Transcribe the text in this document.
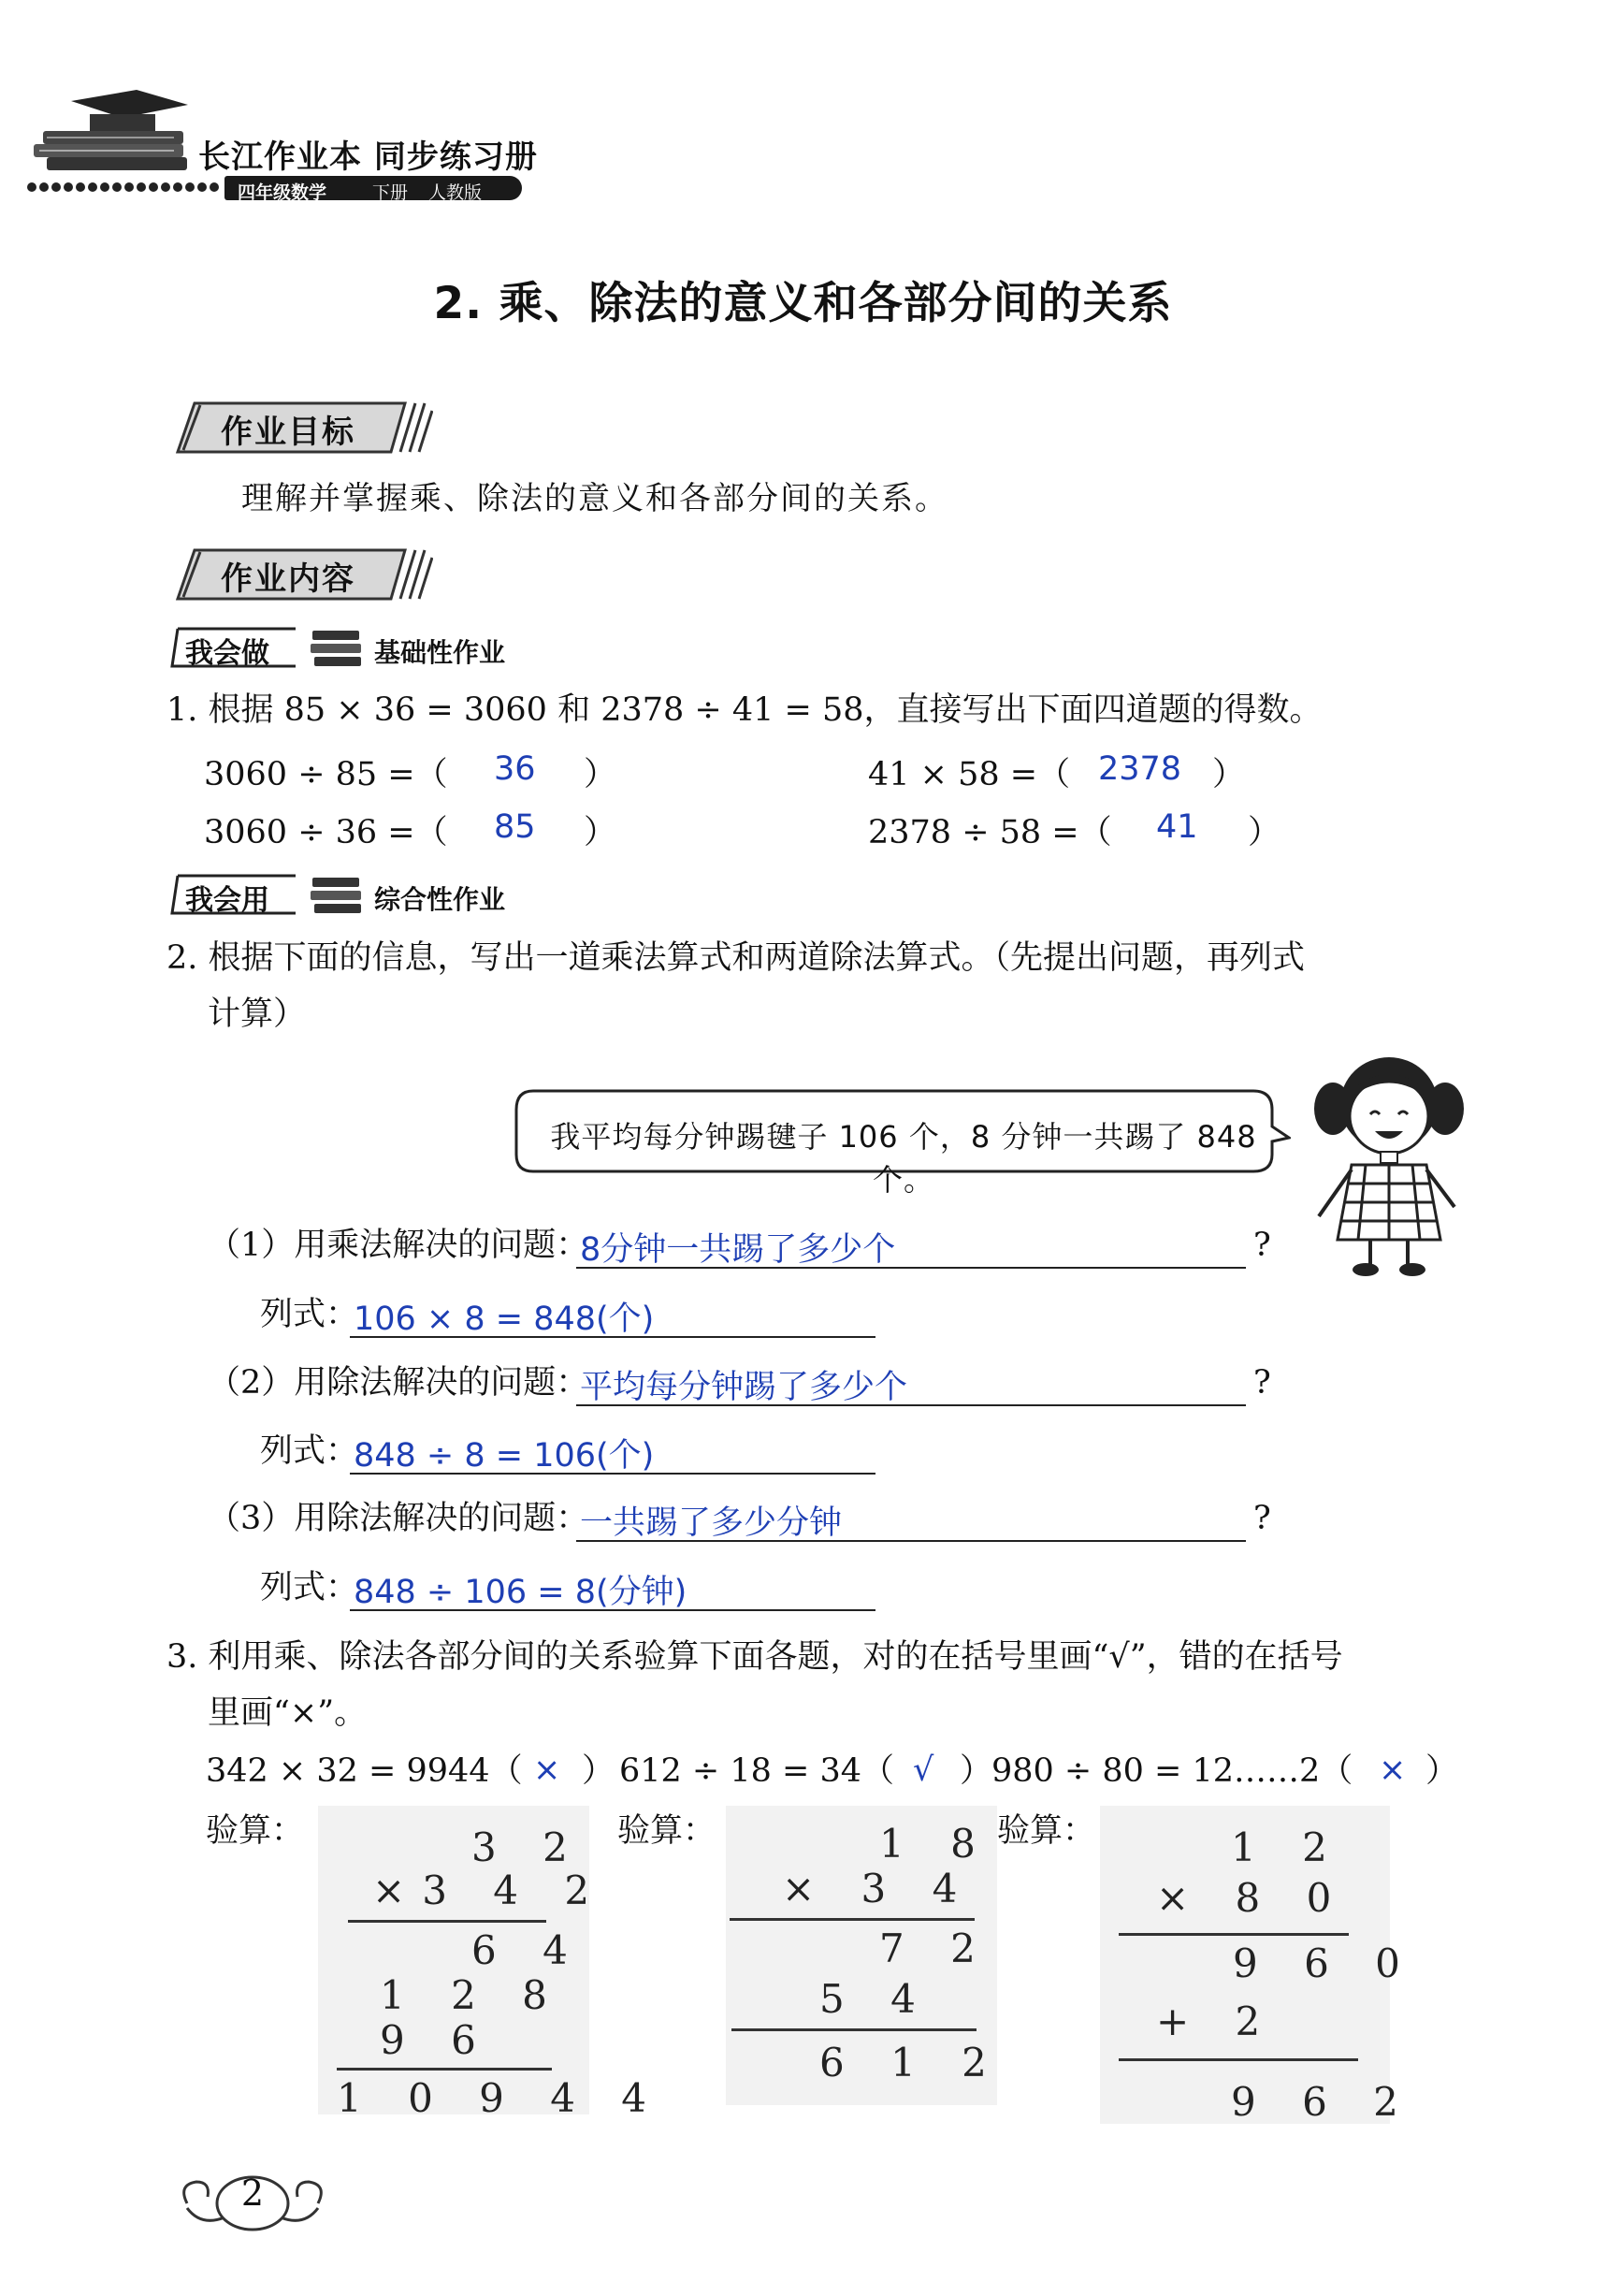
长江作业本 同步练习册
四年级数学	下册 人教版
2. 乘、除法的意义和各部分间的关系
作业目标
理解并掌握乘、除法的意义和各部分间的关系。
作业内容
我会做	基础性作业
1. 根据 85 × 36 = 3060 和 2378 ÷ 41 = 58，直接写出下面四道题的得数。
3060 ÷ 85 =（ 36 ）	41 × 58 =（ 2378 ）
3060 ÷ 36 =（ 85 ）	2378 ÷ 58 =（ 41 ）
我会用	综合性作业
2. 根据下面的信息，写出一道乘法算式和两道除法算式。（先提出问题，再列式
计算）
我平均每分钟踢毽子 106 个，8 分钟一共踢了 848 个。
（1）用乘法解决的问题：
8分钟一共踢了多少个	?
列式：
106 × 8 = 848(个)
（2）用除法解决的问题：
平均每分钟踢了多少个	?
列式：
848 ÷ 8 = 106(个)
（3）用除法解决的问题：
一共踢了多少分钟	?
列式：
848 ÷ 106 = 8(分钟)
3. 利用乘、除法各部分间的关系验算下面各题，对的在括号里画“√”，错的在括号
里画“×”。
342 × 32 = 9944（ × ） 612 ÷ 18 = 34（ √ ）
980 ÷ 80 = 12……2（ × ）
验算：	验算：	验算：
3 2
×3 4 2
6 4
1 2 8
9 6
1 0 9 4 4
1 8
× 3 4
7 2
5 4
6 1 2
1 2
× 8 0
9 6 0
+ 2
9 6 2
2
